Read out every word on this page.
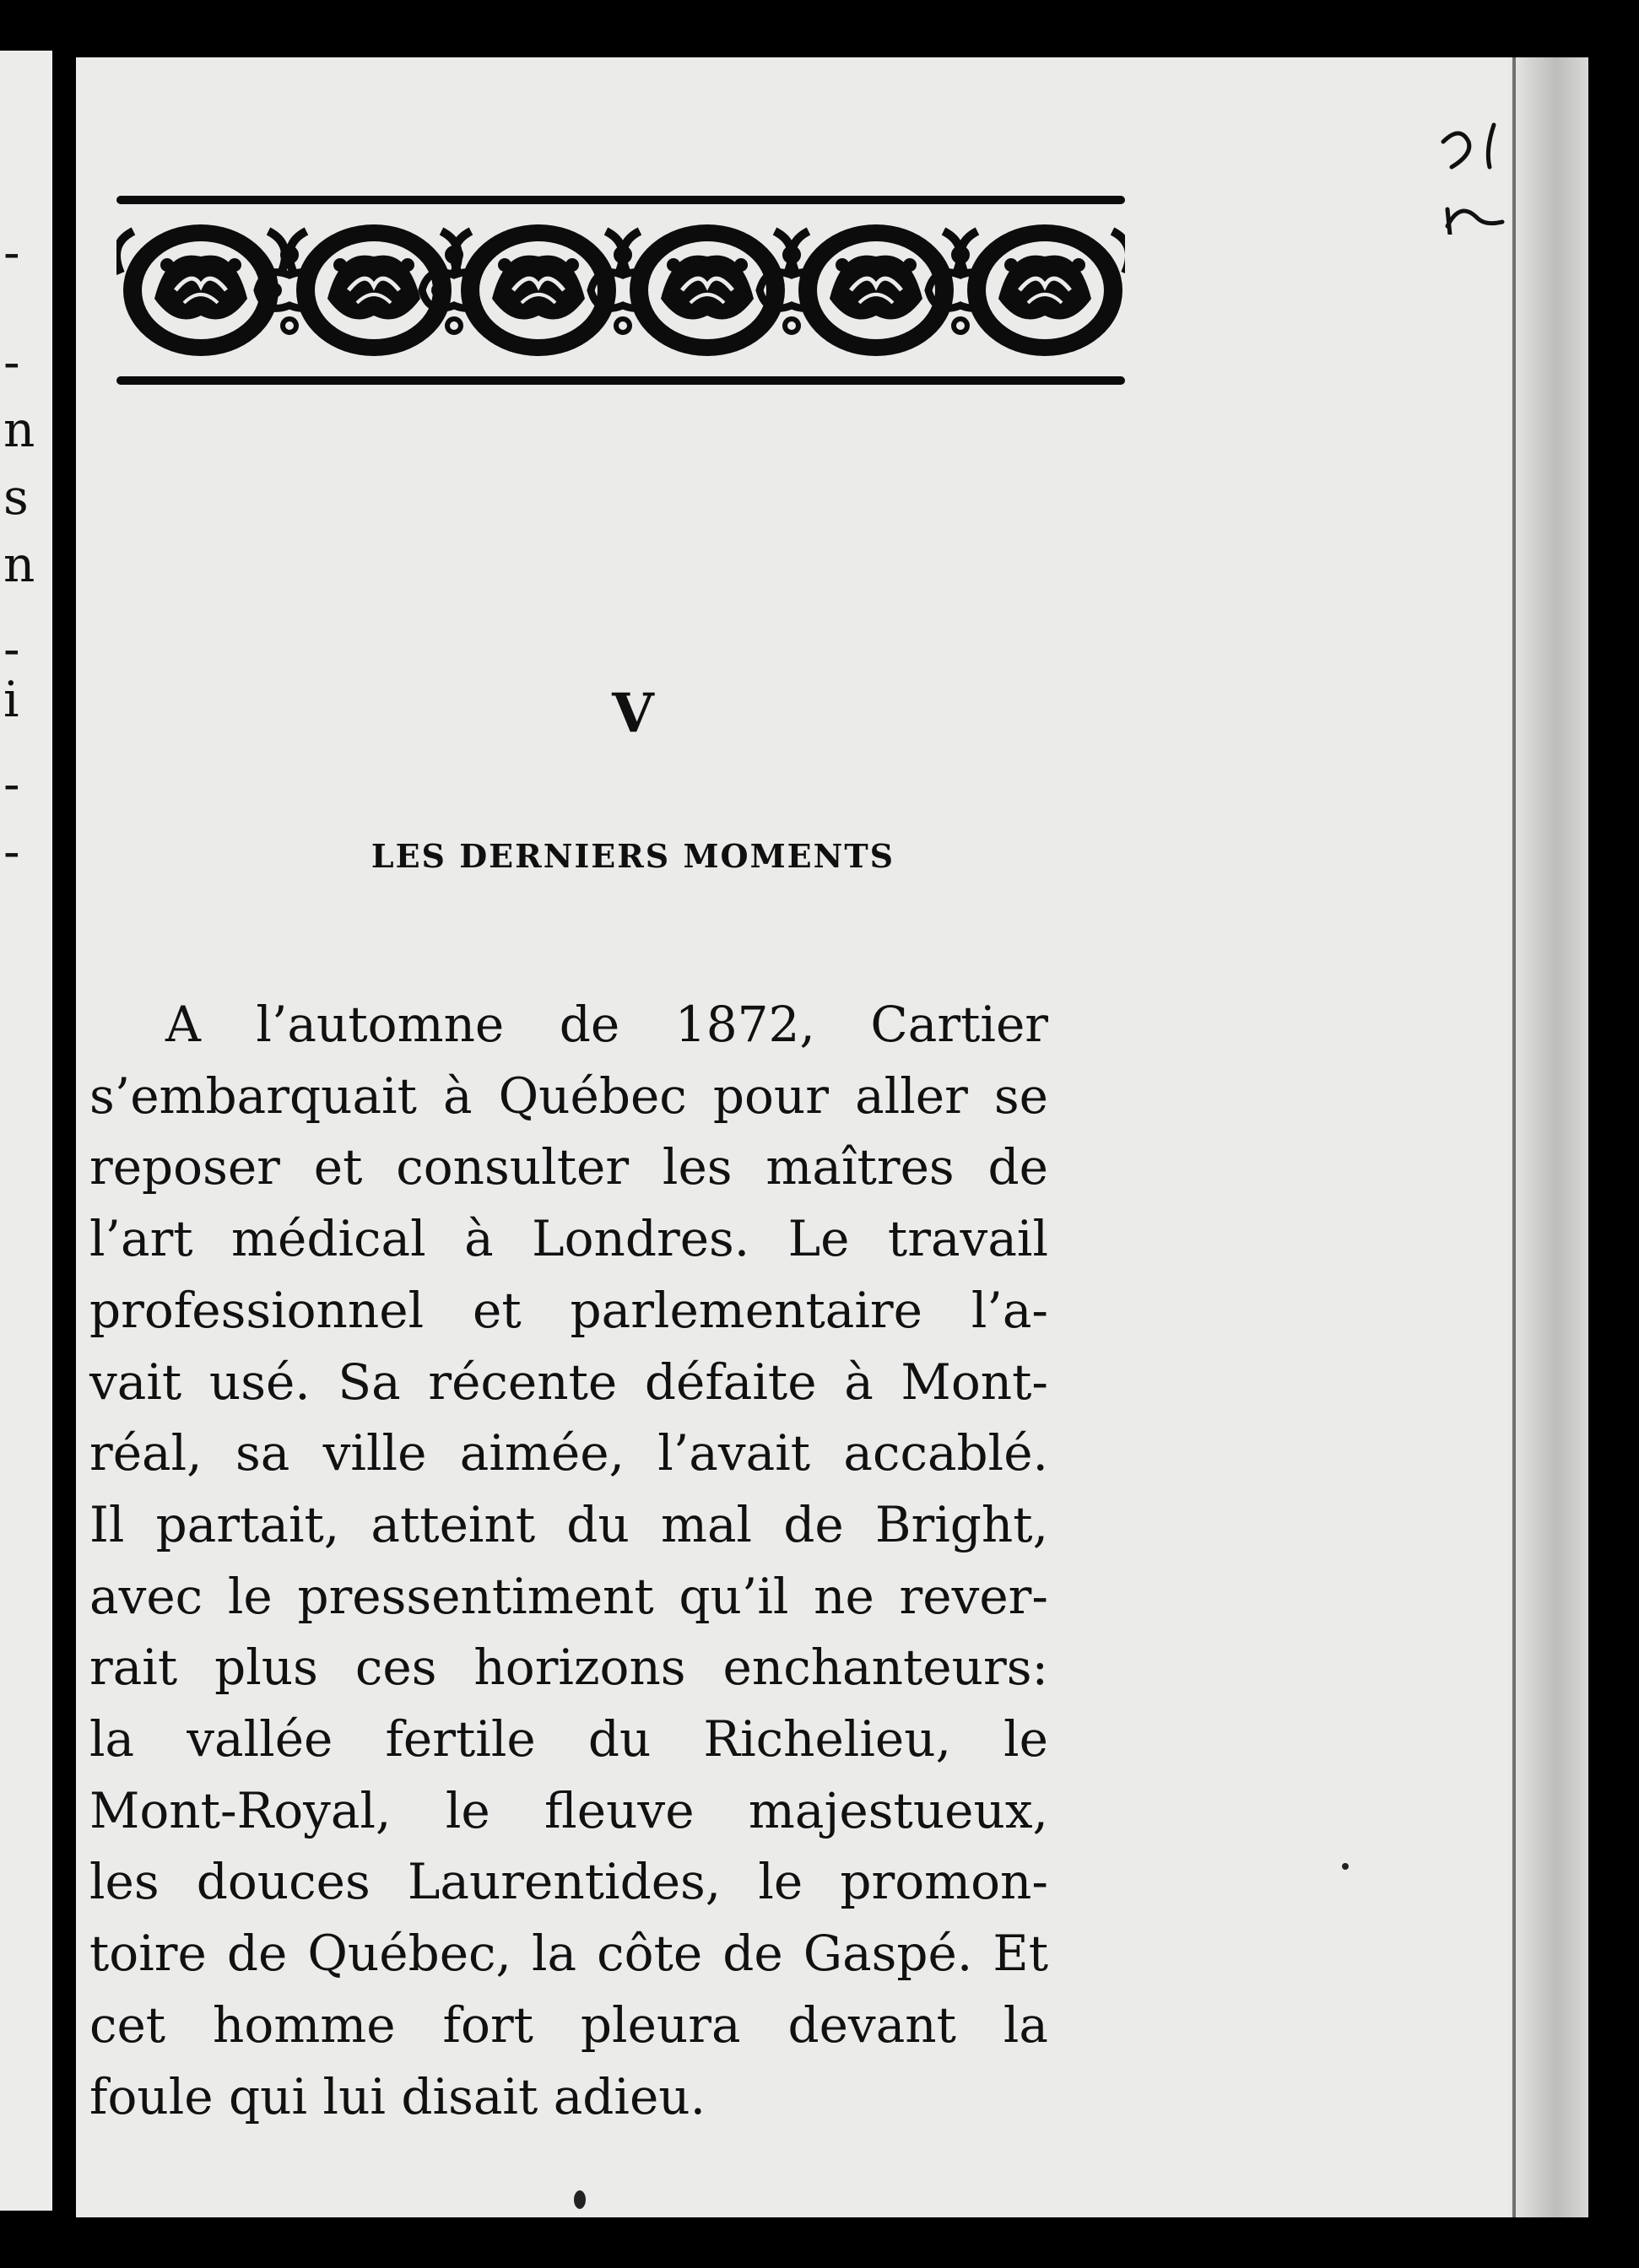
-
-
n
s
n
-
i
-
-
V
LES DERNIERS MOMENTS
A l’automne de 1872, Cartier
s’embarquait à Québec pour aller se
reposer et consulter les maîtres de
l’art médical à Londres. Le travail
professionnel et parlementaire l’a-
vait usé. Sa récente défaite à Mont-
réal, sa ville aimée, l’avait accablé.
Il partait, atteint du mal de Bright,
avec le pressentiment qu’il ne rever-
rait plus ces horizons enchanteurs:
la vallée fertile du Richelieu, le
Mont-Royal, le fleuve majestueux,
les douces Laurentides, le promon-
toire de Québec, la côte de Gaspé. Et
cet homme fort pleura devant la
foule qui lui disait adieu.
